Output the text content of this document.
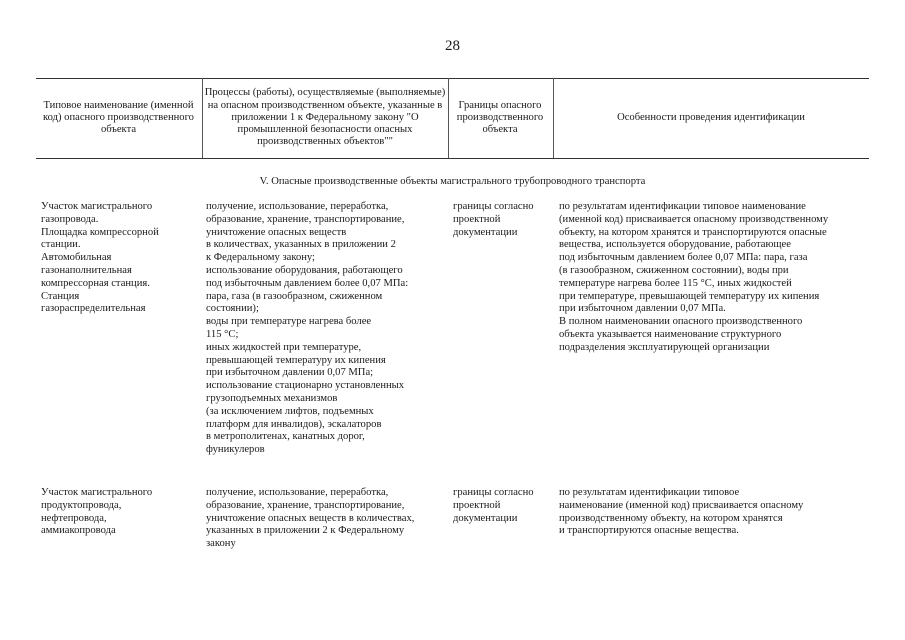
28
Типовое наименование (именной код) опасного производственного объекта
Процессы (работы), осуществляемые (выполняемые) на опасном производственном объекте, указанные в приложении 1 к Федеральному закону "О промышленной безопасности опасных производственных объектов""
Границы опасного производственного объекта
Особенности проведения идентификации
V. Опасные производственные объекты магистрального трубопроводного транспорта
Участок магистрального
газопровода.
Площадка компрессорной
станции.
Автомобильная
газонаполнительная
компрессорная станция.
Станция
газораспределительная
получение, использование, переработка,
образование, хранение, транспортирование,
уничтожение опасных веществ
в количествах, указанных в приложении 2
к Федеральному закону;
использование оборудования, работающего
под избыточным давлением более 0,07 МПа:
пара, газа (в газообразном, сжиженном
состоянии);
воды при температуре нагрева более
115 °С;
иных жидкостей при температуре,
превышающей температуру их кипения
при избыточном давлении 0,07 МПа;
использование стационарно установленных
грузоподъемных механизмов
(за исключением лифтов, подъемных
платформ для инвалидов), эскалаторов
в метрополитенах, канатных дорог,
фуникулеров
границы согласно
проектной
документации
по результатам идентификации типовое наименование
(именной код) присваивается опасному производственному
объекту, на котором хранятся и транспортируются опасные
вещества, используется оборудование, работающее
под избыточным давлением более 0,07 МПа: пара, газа
(в газообразном, сжиженном состоянии), воды при
температуре нагрева более 115 °С, иных жидкостей
при температуре, превышающей температуру их кипения
при избыточном давлении 0,07 МПа.
В полном наименовании опасного производственного
объекта указывается наименование структурного
подразделения эксплуатирующей организации
Участок магистрального
продуктопровода,
нефтепровода,
аммиакопровода
получение, использование, переработка,
образование, хранение, транспортирование,
уничтожение опасных веществ в количествах,
указанных в приложении 2 к Федеральному
закону
границы согласно
проектной
документации
по результатам идентификации типовое
наименование (именной код) присваивается опасному
производственному объекту, на котором хранятся
и транспортируются опасные вещества.
